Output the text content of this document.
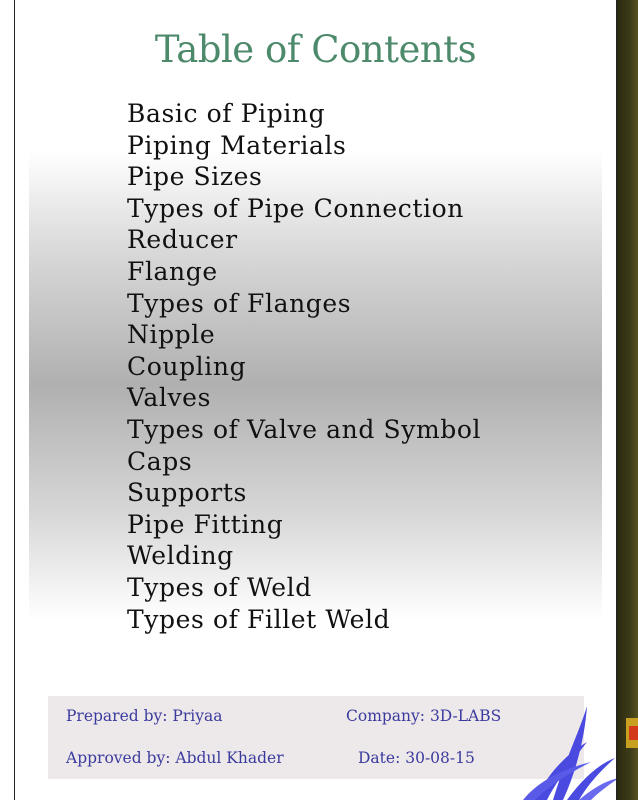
Table of Contents
Basic of Piping
Piping Materials
Pipe Sizes
Types of Pipe Connection
Reducer
Flange
Types of Flanges
Nipple
Coupling
Valves
Types of Valve and Symbol
Caps
Supports
Pipe Fitting
Welding
Types of Weld
Types of Fillet Weld
Prepared by: Priyaa	Company: 3D-LABS
Approved by: Abdul Khader	Date: 30-08-15
